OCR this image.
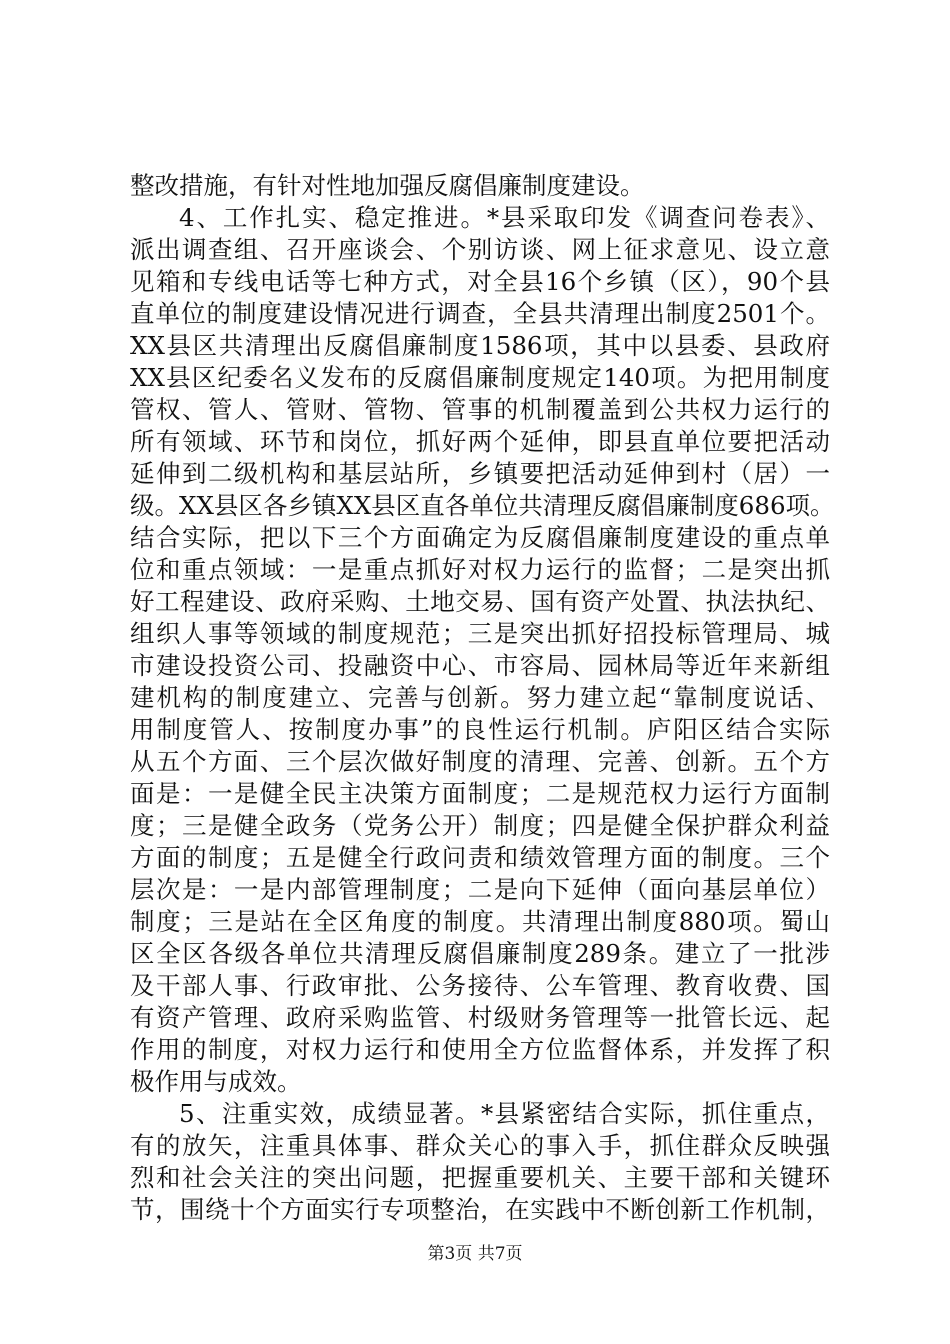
整改措施，有针对性地加强反腐倡廉制度建设。
4、工作扎实、稳定推进。*县采取印发《调查问卷表》、
派出调查组、召开座谈会、个别访谈、网上征求意见、设立意
见箱和专线电话等七种方式，对全县16个乡镇（区），90个县
直单位的制度建设情况进行调查，全县共清理出制度2501个。
XX县区共清理出反腐倡廉制度1586项，其中以县委、县政府
XX县区纪委名义发布的反腐倡廉制度规定140项。为把用制度
管权、管人、管财、管物、管事的机制覆盖到公共权力运行的
所有领域、环节和岗位，抓好两个延伸，即县直单位要把活动
延伸到二级机构和基层站所，乡镇要把活动延伸到村（居）一
级。XX县区各乡镇XX县区直各单位共清理反腐倡廉制度686项。
结合实际，把以下三个方面确定为反腐倡廉制度建设的重点单
位和重点领域：一是重点抓好对权力运行的监督；二是突出抓
好工程建设、政府采购、土地交易、国有资产处置、执法执纪、
组织人事等领域的制度规范；三是突出抓好招投标管理局、城
市建设投资公司、投融资中心、市容局、园林局等近年来新组
建机构的制度建立、完善与创新。努力建立起“靠制度说话、
用制度管人、按制度办事”的良性运行机制。庐阳区结合实际
从五个方面、三个层次做好制度的清理、完善、创新。五个方
面是：一是健全民主决策方面制度；二是规范权力运行方面制
度；三是健全政务（党务公开）制度；四是健全保护群众利益
方面的制度；五是健全行政问责和绩效管理方面的制度。三个
层次是：一是内部管理制度；二是向下延伸（面向基层单位）
制度；三是站在全区角度的制度。共清理出制度880项。蜀山
区全区各级各单位共清理反腐倡廉制度289条。建立了一批涉
及干部人事、行政审批、公务接待、公车管理、教育收费、国
有资产管理、政府采购监管、村级财务管理等一批管长远、起
作用的制度，对权力运行和使用全方位监督体系，并发挥了积
极作用与成效。
5、注重实效，成绩显著。*县紧密结合实际，抓住重点，
有的放矢，注重具体事、群众关心的事入手，抓住群众反映强
烈和社会关注的突出问题，把握重要机关、主要干部和关键环
节，围绕十个方面实行专项整治，在实践中不断创新工作机制，
第3页 共7页
